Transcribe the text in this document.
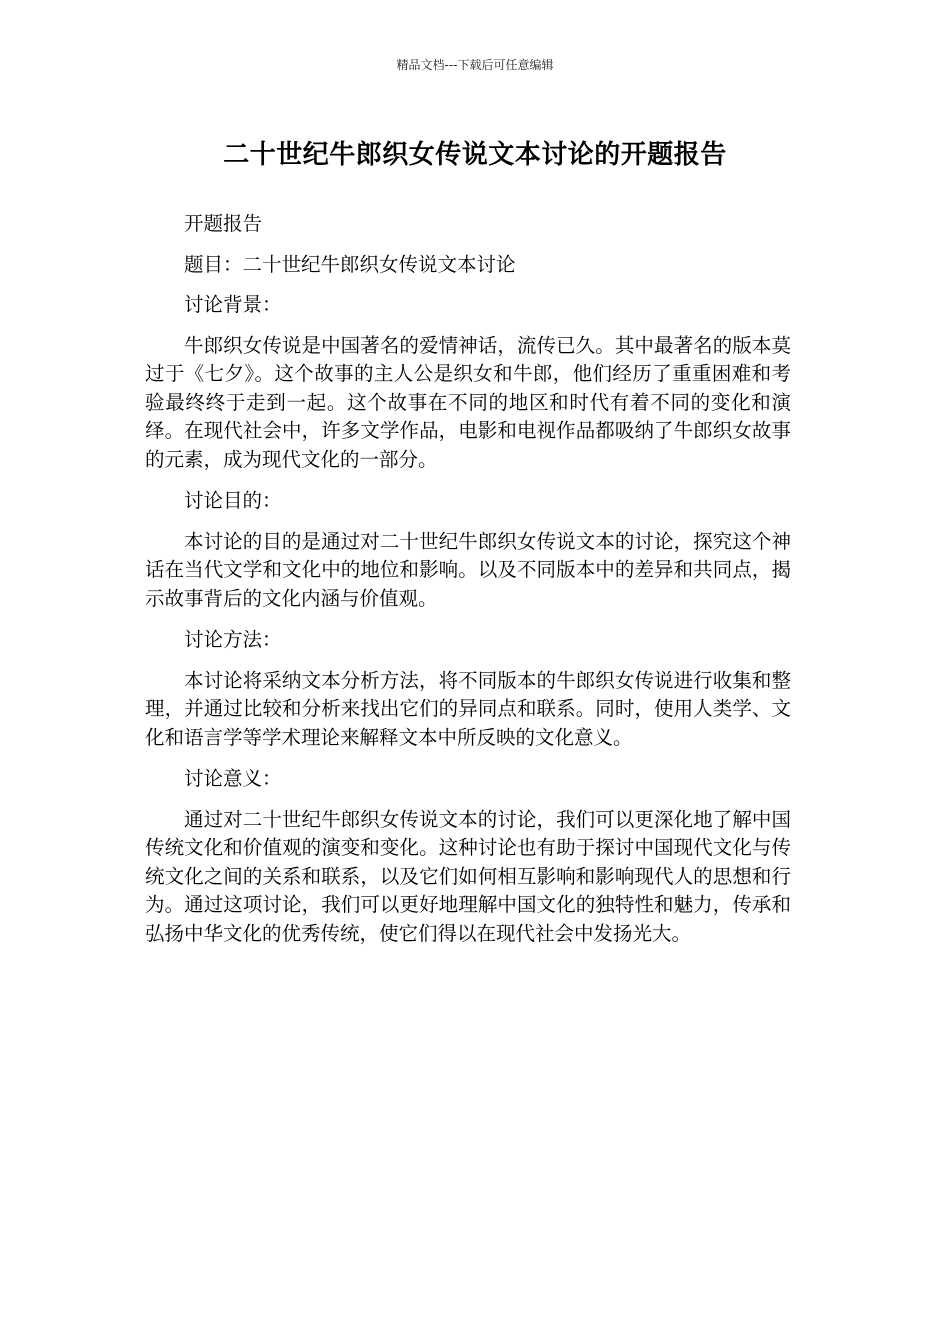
精品文档---下载后可任意编辑
二十世纪牛郎织女传说文本讨论的开题报告

开题报告

题目：二十世纪牛郎织女传说文本讨论

讨论背景：

牛郎织女传说是中国著名的爱情神话，流传已久。其中最著名的版本莫过于《七夕》。这个故事的主人公是织女和牛郎，他们经历了重重困难和考验最终终于走到一起。这个故事在不同的地区和时代有着不同的变化和演绎。在现代社会中，许多文学作品，电影和电视作品都吸纳了牛郎织女故事的元素，成为现代文化的一部分。

讨论目的：

本讨论的目的是通过对二十世纪牛郎织女传说文本的讨论，探究这个神话在当代文学和文化中的地位和影响。以及不同版本中的差异和共同点，揭示故事背后的文化内涵与价值观。

讨论方法：

本讨论将采纳文本分析方法，将不同版本的牛郎织女传说进行收集和整理，并通过比较和分析来找出它们的异同点和联系。同时，使用人类学、文化和语言学等学术理论来解释文本中所反映的文化意义。

讨论意义：

通过对二十世纪牛郎织女传说文本的讨论，我们可以更深化地了解中国传统文化和价值观的演变和变化。这种讨论也有助于探讨中国现代文化与传统文化之间的关系和联系，以及它们如何相互影响和影响现代人的思想和行为。通过这项讨论，我们可以更好地理解中国文化的独特性和魅力，传承和弘扬中华文化的优秀传统，使它们得以在现代社会中发扬光大。
